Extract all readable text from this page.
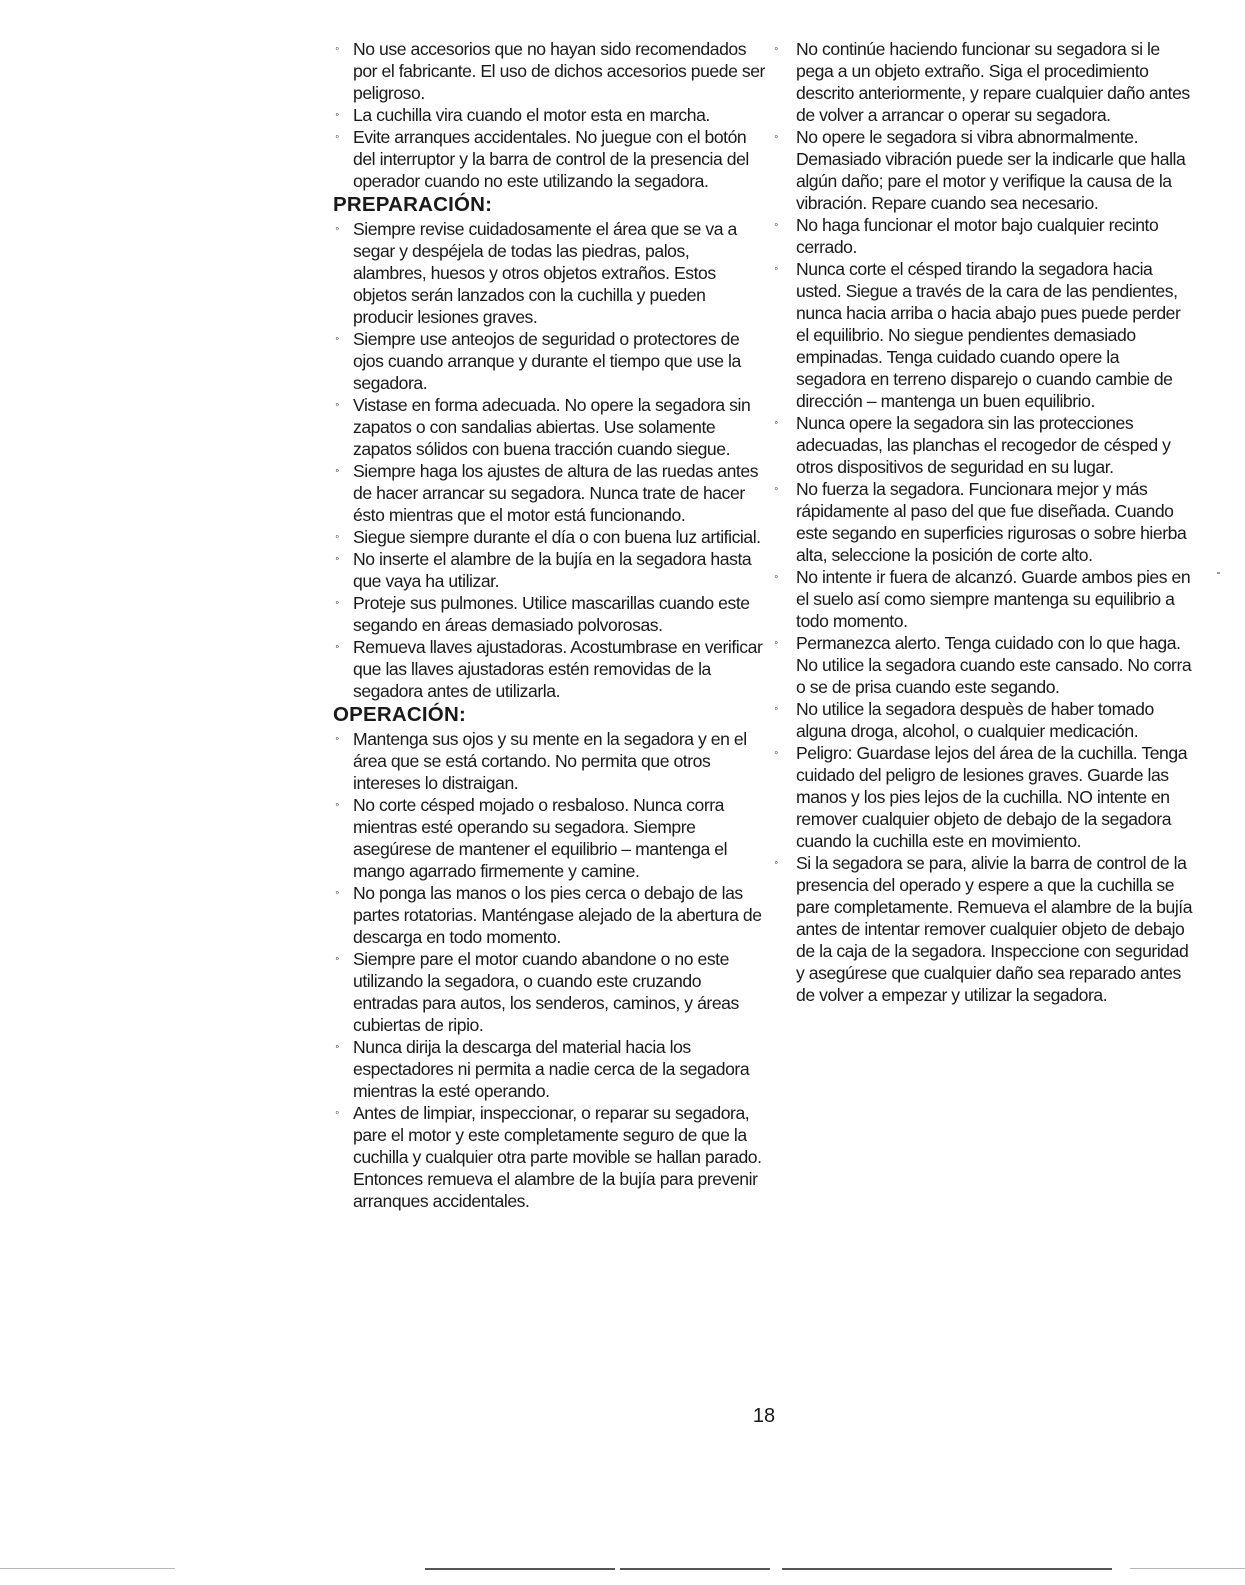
◦ No use accesorios que no hayan sido recomendados por el fabricante. El uso de dichos accesorios puede ser peligroso.
◦ La cuchilla vira cuando el motor esta en marcha.
◦ Evite arranques accidentales. No juegue con el botón del interruptor y la barra de control de la presencia del operador cuando no este utilizando la segadora.
PREPARACIÓN:
◦ Siempre revise cuidadosamente el área que se va a segar y despéjela de todas las piedras, palos, alambres, huesos y otros objetos extraños. Estos objetos serán lanzados con la cuchilla y pueden producir lesiones graves.
◦ Siempre use anteojos de seguridad o protectores de ojos cuando arranque y durante el tiempo que use la segadora.
◦ Vistase en forma adecuada. No opere la segadora sin zapatos o con sandalias abiertas. Use solamente zapatos sólidos con buena tracción cuando siegue.
◦ Siempre haga los ajustes de altura de las ruedas antes de hacer arrancar su segadora. Nunca trate de hacer ésto mientras que el motor está funcionando.
◦ Siegue siempre durante el día o con buena luz artificial.
◦ No inserte el alambre de la bujía en la segadora hasta que vaya ha utilizar.
◦ Proteje sus pulmones. Utilice mascarillas cuando este segando en áreas demasiado polvorosas.
◦ Remueva llaves ajustadoras. Acostumbrase en verificar que las llaves ajustadoras estén removidas de la segadora antes de utilizarla.
OPERACIÓN:
◦ Mantenga sus ojos y su mente en la segadora y en el área que se está cortando. No permita que otros intereses lo distraigan.
◦ No corte césped mojado o resbaloso. Nunca corra mientras esté operando su segadora. Siempre asegúrese de mantener el equilibrio – mantenga el mango agarrado firmemente y camine.
◦ No ponga las manos o los pies cerca o debajo de las partes rotatorias. Manténgase alejado de la abertura de descarga en todo momento.
◦ Siempre pare el motor cuando abandone o no este utilizando la segadora, o cuando este cruzando entradas para autos, los senderos, caminos, y áreas cubiertas de ripio.
◦ Nunca dirija la descarga del material hacia los espectadores ni permita a nadie cerca de la segadora mientras la esté operando.
◦ Antes de limpiar, inspeccionar, o reparar su segadora, pare el motor y este completamente seguro de que la cuchilla y cualquier otra parte movible se hallan parado. Entonces remueva el alambre de la bujía para prevenir arranques accidentales.
◦	No continúe haciendo funcionar su segadora si le pega a un objeto extraño. Siga el procedimiento descrito anteriormente, y repare cualquier daño antes de volver a arrancar o operar su segadora.
◦	No opere le segadora si vibra abnormalmente. Demasiado vibración puede ser la indicarle que halla algún daño; pare el motor y verifique la causa de la vibración. Repare cuando sea necesario.
◦	No haga funcionar el motor bajo cualquier recinto cerrado.
◦	Nunca corte el césped tirando la segadora hacia usted. Siegue a través de la cara de las pendientes, nunca hacia arriba o hacia abajo pues puede perder el equilibrio. No siegue pendientes demasiado empinadas. Tenga cuidado cuando opere la segadora en terreno disparejo o cuando cambie de dirección – mantenga un buen equilibrio.
◦	Nunca opere la segadora sin las protecciones adecuadas, las planchas el recogedor de césped y otros dispositivos de seguridad en su lugar.
◦	No fuerza la segadora. Funcionara mejor y más rápidamente al paso del que fue diseñada. Cuando este segando en superficies rigurosas o sobre hierba alta, seleccione la posición de corte alto.
◦	No intente ir fuera de alcanzó. Guarde ambos pies en el suelo así como siempre mantenga su equilibrio a todo momento.
◦	Permanezca alerto. Tenga cuidado con lo que haga. No utilice la segadora cuando este cansado. No corra o se de prisa cuando este segando.
◦	No utilice la segadora despuès de haber tomado alguna droga, alcohol, o cualquier medicación.
◦	Peligro: Guardase lejos del área de la cuchilla. Tenga cuidado del peligro de lesiones graves. Guarde las manos y los pies lejos de la cuchilla. NO intente en remover cualquier objeto de debajo de la segadora cuando la cuchilla este en movimiento.
◦	Si la segadora se para, alivie la barra de control de la presencia del operado y espere a que la cuchilla se pare completamente. Remueva el alambre de la bujía antes de intentar remover cualquier objeto de debajo de la caja de la segadora. Inspeccione con seguridad y asegúrese que cualquier daño sea reparado antes de volver a empezar y utilizar la segadora.
18
